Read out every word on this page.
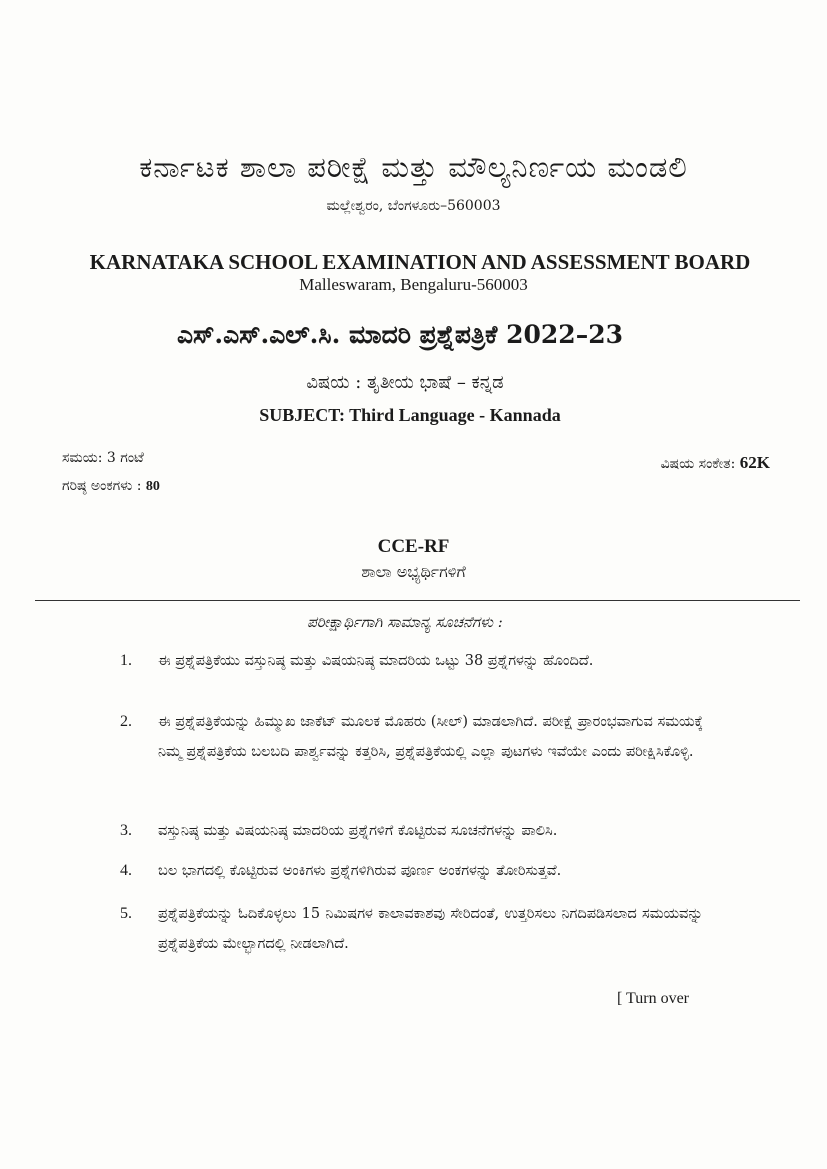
ಕರ್ನಾಟಕ ಶಾಲಾ ಪರೀಕ್ಷೆ ಮತ್ತು ಮೌಲ್ಯನಿರ್ಣಯ ಮಂಡಲಿ
ಮಲ್ಲೇಶ್ವರಂ, ಬೆಂಗಳೂರು–560003
KARNATAKA SCHOOL EXAMINATION AND ASSESSMENT BOARD
Malleswaram, Bengaluru-560003
ಎಸ್.ಎಸ್.ಎಲ್.ಸಿ. ಮಾದರಿ ಪ್ರಶ್ನೆಪತ್ರಿಕೆ 2022–23
ವಿಷಯ : ತೃತೀಯ ಭಾಷೆ – ಕನ್ನಡ
SUBJECT: Third Language - Kannada
ಸಮಯ: 3 ಗಂಟೆ
ಗರಿಷ್ಠ ಅಂಕಗಳು : 80
ವಿಷಯ ಸಂಕೇತ: 62K
CCE-RF
ಶಾಲಾ ಅಭ್ಯರ್ಥಿಗಳಿಗೆ
ಪರೀಕ್ಷಾರ್ಥಿಗಾಗಿ ಸಾಮಾನ್ಯ ಸೂಚನೆಗಳು :
1. ಈ ಪ್ರಶ್ನೆಪತ್ರಿಕೆಯು ವಸ್ತುನಿಷ್ಠ ಮತ್ತು ವಿಷಯನಿಷ್ಠ ಮಾದರಿಯ ಒಟ್ಟು 38 ಪ್ರಶ್ನೆಗಳನ್ನು ಹೊಂದಿದೆ.
2. ಈ ಪ್ರಶ್ನೆಪತ್ರಿಕೆಯನ್ನು ಹಿಮ್ಮುಖ ಜಾಕೆಟ್ ಮೂಲಕ ಮೊಹರು (ಸೀಲ್) ಮಾಡಲಾಗಿದೆ. ಪರೀಕ್ಷೆ ಪ್ರಾರಂಭವಾಗುವ ಸಮಯಕ್ಕೆ ನಿಮ್ಮ ಪ್ರಶ್ನೆಪತ್ರಿಕೆಯ ಬಲಬದಿ ಪಾರ್ಶ್ವವನ್ನು ಕತ್ತರಿಸಿ, ಪ್ರಶ್ನೆಪತ್ರಿಕೆಯಲ್ಲಿ ಎಲ್ಲಾ ಪುಟಗಳು ಇವೆಯೇ ಎಂದು ಪರೀಕ್ಷಿಸಿಕೊಳ್ಳಿ.
3. ವಸ್ತುನಿಷ್ಠ ಮತ್ತು ವಿಷಯನಿಷ್ಠ ಮಾದರಿಯ ಪ್ರಶ್ನೆಗಳಿಗೆ ಕೊಟ್ಟಿರುವ ಸೂಚನೆಗಳನ್ನು ಪಾಲಿಸಿ.
4. ಬಲ ಭಾಗದಲ್ಲಿ ಕೊಟ್ಟಿರುವ ಅಂಕಿಗಳು ಪ್ರಶ್ನೆಗಳಿಗಿರುವ ಪೂರ್ಣ ಅಂಕಗಳನ್ನು ತೋರಿಸುತ್ತವೆ.
5. ಪ್ರಶ್ನೆಪತ್ರಿಕೆಯನ್ನು ಓದಿಕೊಳ್ಳಲು 15 ನಿಮಿಷಗಳ ಕಾಲಾವಕಾಶವು ಸೇರಿದಂತೆ, ಉತ್ತರಿಸಲು ನಿಗದಿಪಡಿಸಲಾದ ಸಮಯವನ್ನು ಪ್ರಶ್ನೆಪತ್ರಿಕೆಯ ಮೇಲ್ಭಾಗದಲ್ಲಿ ನೀಡಲಾಗಿದೆ.
[ Turn over
